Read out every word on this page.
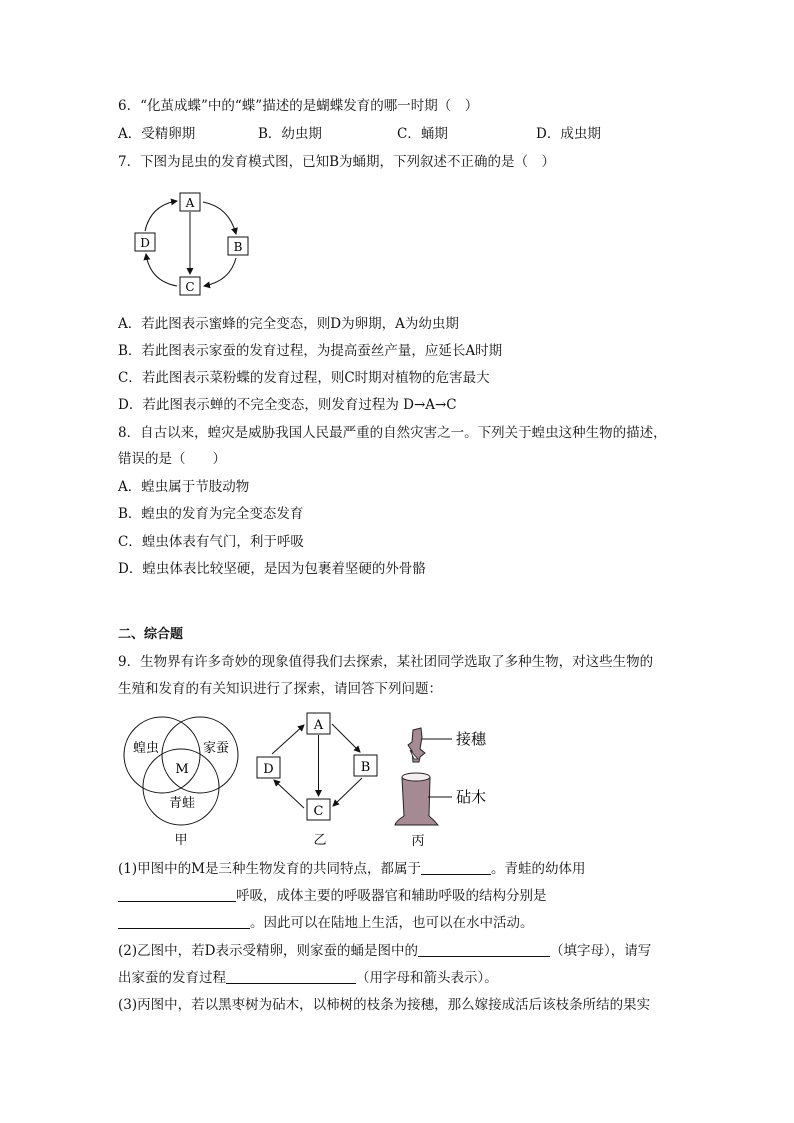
6．“化茧成蝶”中的“蝶”描述的是蝴蝶发育的哪一时期（　）
A．受精卵期	B．幼虫期	C．蛹期	D．成虫期
7．下图为昆虫的发育模式图，已知B为蛹期，下列叙述不正确的是（　）
A
B
C
D
A．若此图表示蜜蜂的完全变态，则D为卵期，A为幼虫期
B．若此图表示家蚕的发育过程，为提高蚕丝产量，应延长A时期
C．若此图表示菜粉蝶的发育过程，则C时期对植物的危害最大
D．若此图表示蝉的不完全变态，则发育过程为 D→A→C
8．自古以来，蝗灾是威胁我国人民最严重的自然灾害之一。下列关于蝗虫这种生物的描述，
错误的是（　　）
A．蝗虫属于节肢动物
B．蝗虫的发育为完全变态发育
C．蝗虫体表有气门，利于呼吸
D．蝗虫体表比较坚硬，是因为包裹着坚硬的外骨骼
二、综合题
9．生物界有许多奇妙的现象值得我们去探索，某社团同学选取了多种生物，对这些生物的
生殖和发育的有关知识进行了探索，请回答下列问题：
蝗虫	家蚕
M
青蛙
甲
A
B
C
D
乙
接穗
砧木
丙
(1)甲图中的M是三种生物发育的共同特点，都属于	。青蛙的幼体用
呼吸，成体主要的呼吸器官和辅助呼吸的结构分别是
。因此可以在陆地上生活，也可以在水中活动。
(2)乙图中，若D表示受精卵，则家蚕的蛹是图中的	（填字母），请写
出家蚕的发育过程	（用字母和箭头表示）。
(3)丙图中，若以黑枣树为砧木，以柿树的枝条为接穗，那么嫁接成活后该枝条所结的果实
